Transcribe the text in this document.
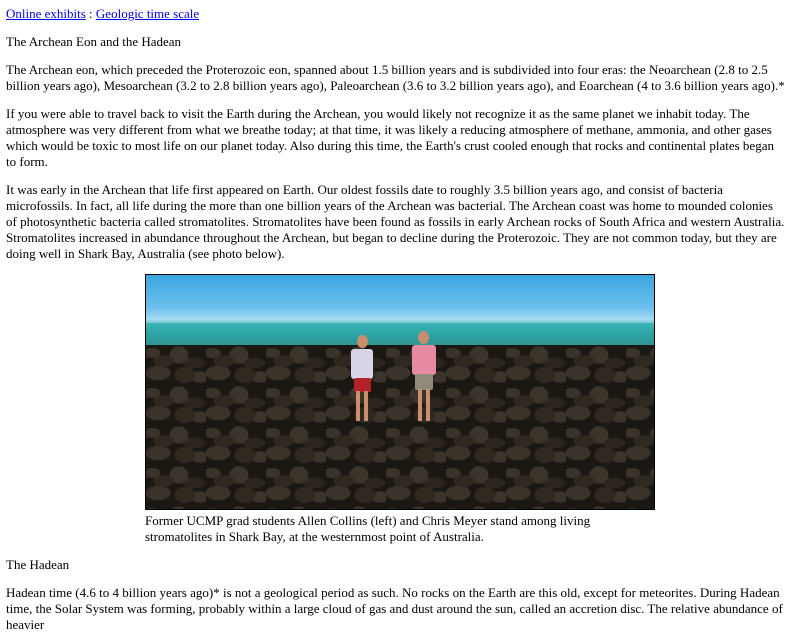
Online exhibits : Geologic time scale
The Archean Eon and the Hadean

The Archean eon, which preceded the Proterozoic eon, spanned about 1.5 billion years and is subdivided into four eras: the Neoarchean (2.8 to 2.5 billion years ago), Mesoarchean (3.2 to 2.8 billion years ago), Paleoarchean (3.6 to 3.2 billion years ago), and Eoarchean (4 to 3.6 billion years ago).*

If you were able to travel back to visit the Earth during the Archean, you would likely not recognize it as the same planet we inhabit today. The atmosphere was very different from what we breathe today; at that time, it was likely a reducing atmosphere of methane, ammonia, and other gases which would be toxic to most life on our planet today. Also during this time, the Earth's crust cooled enough that rocks and continental plates began to form.

It was early in the Archean that life first appeared on Earth. Our oldest fossils date to roughly 3.5 billion years ago, and consist of bacteria microfossils. In fact, all life during the more than one billion years of the Archean was bacterial. The Archean coast was home to mounded colonies of photosynthetic bacteria called stromatolites. Stromatolites have been found as fossils in early Archean rocks of South Africa and western Australia. Stromatolites increased in abundance throughout the Archean, but began to decline during the Proterozoic. They are not common today, but they are doing well in Shark Bay, Australia (see photo below).

Former UCMP grad students Allen Collins (left) and Chris Meyer stand among living stromatolites in Shark Bay, at the westernmost point of Australia.
The Hadean

Hadean time (4.6 to 4 billion years ago)* is not a geological period as such. No rocks on the Earth are this old, except for meteorites. During Hadean time, the Solar System was forming, probably within a large cloud of gas and dust around the sun, called an accretion disc. The relative abundance of heavier
